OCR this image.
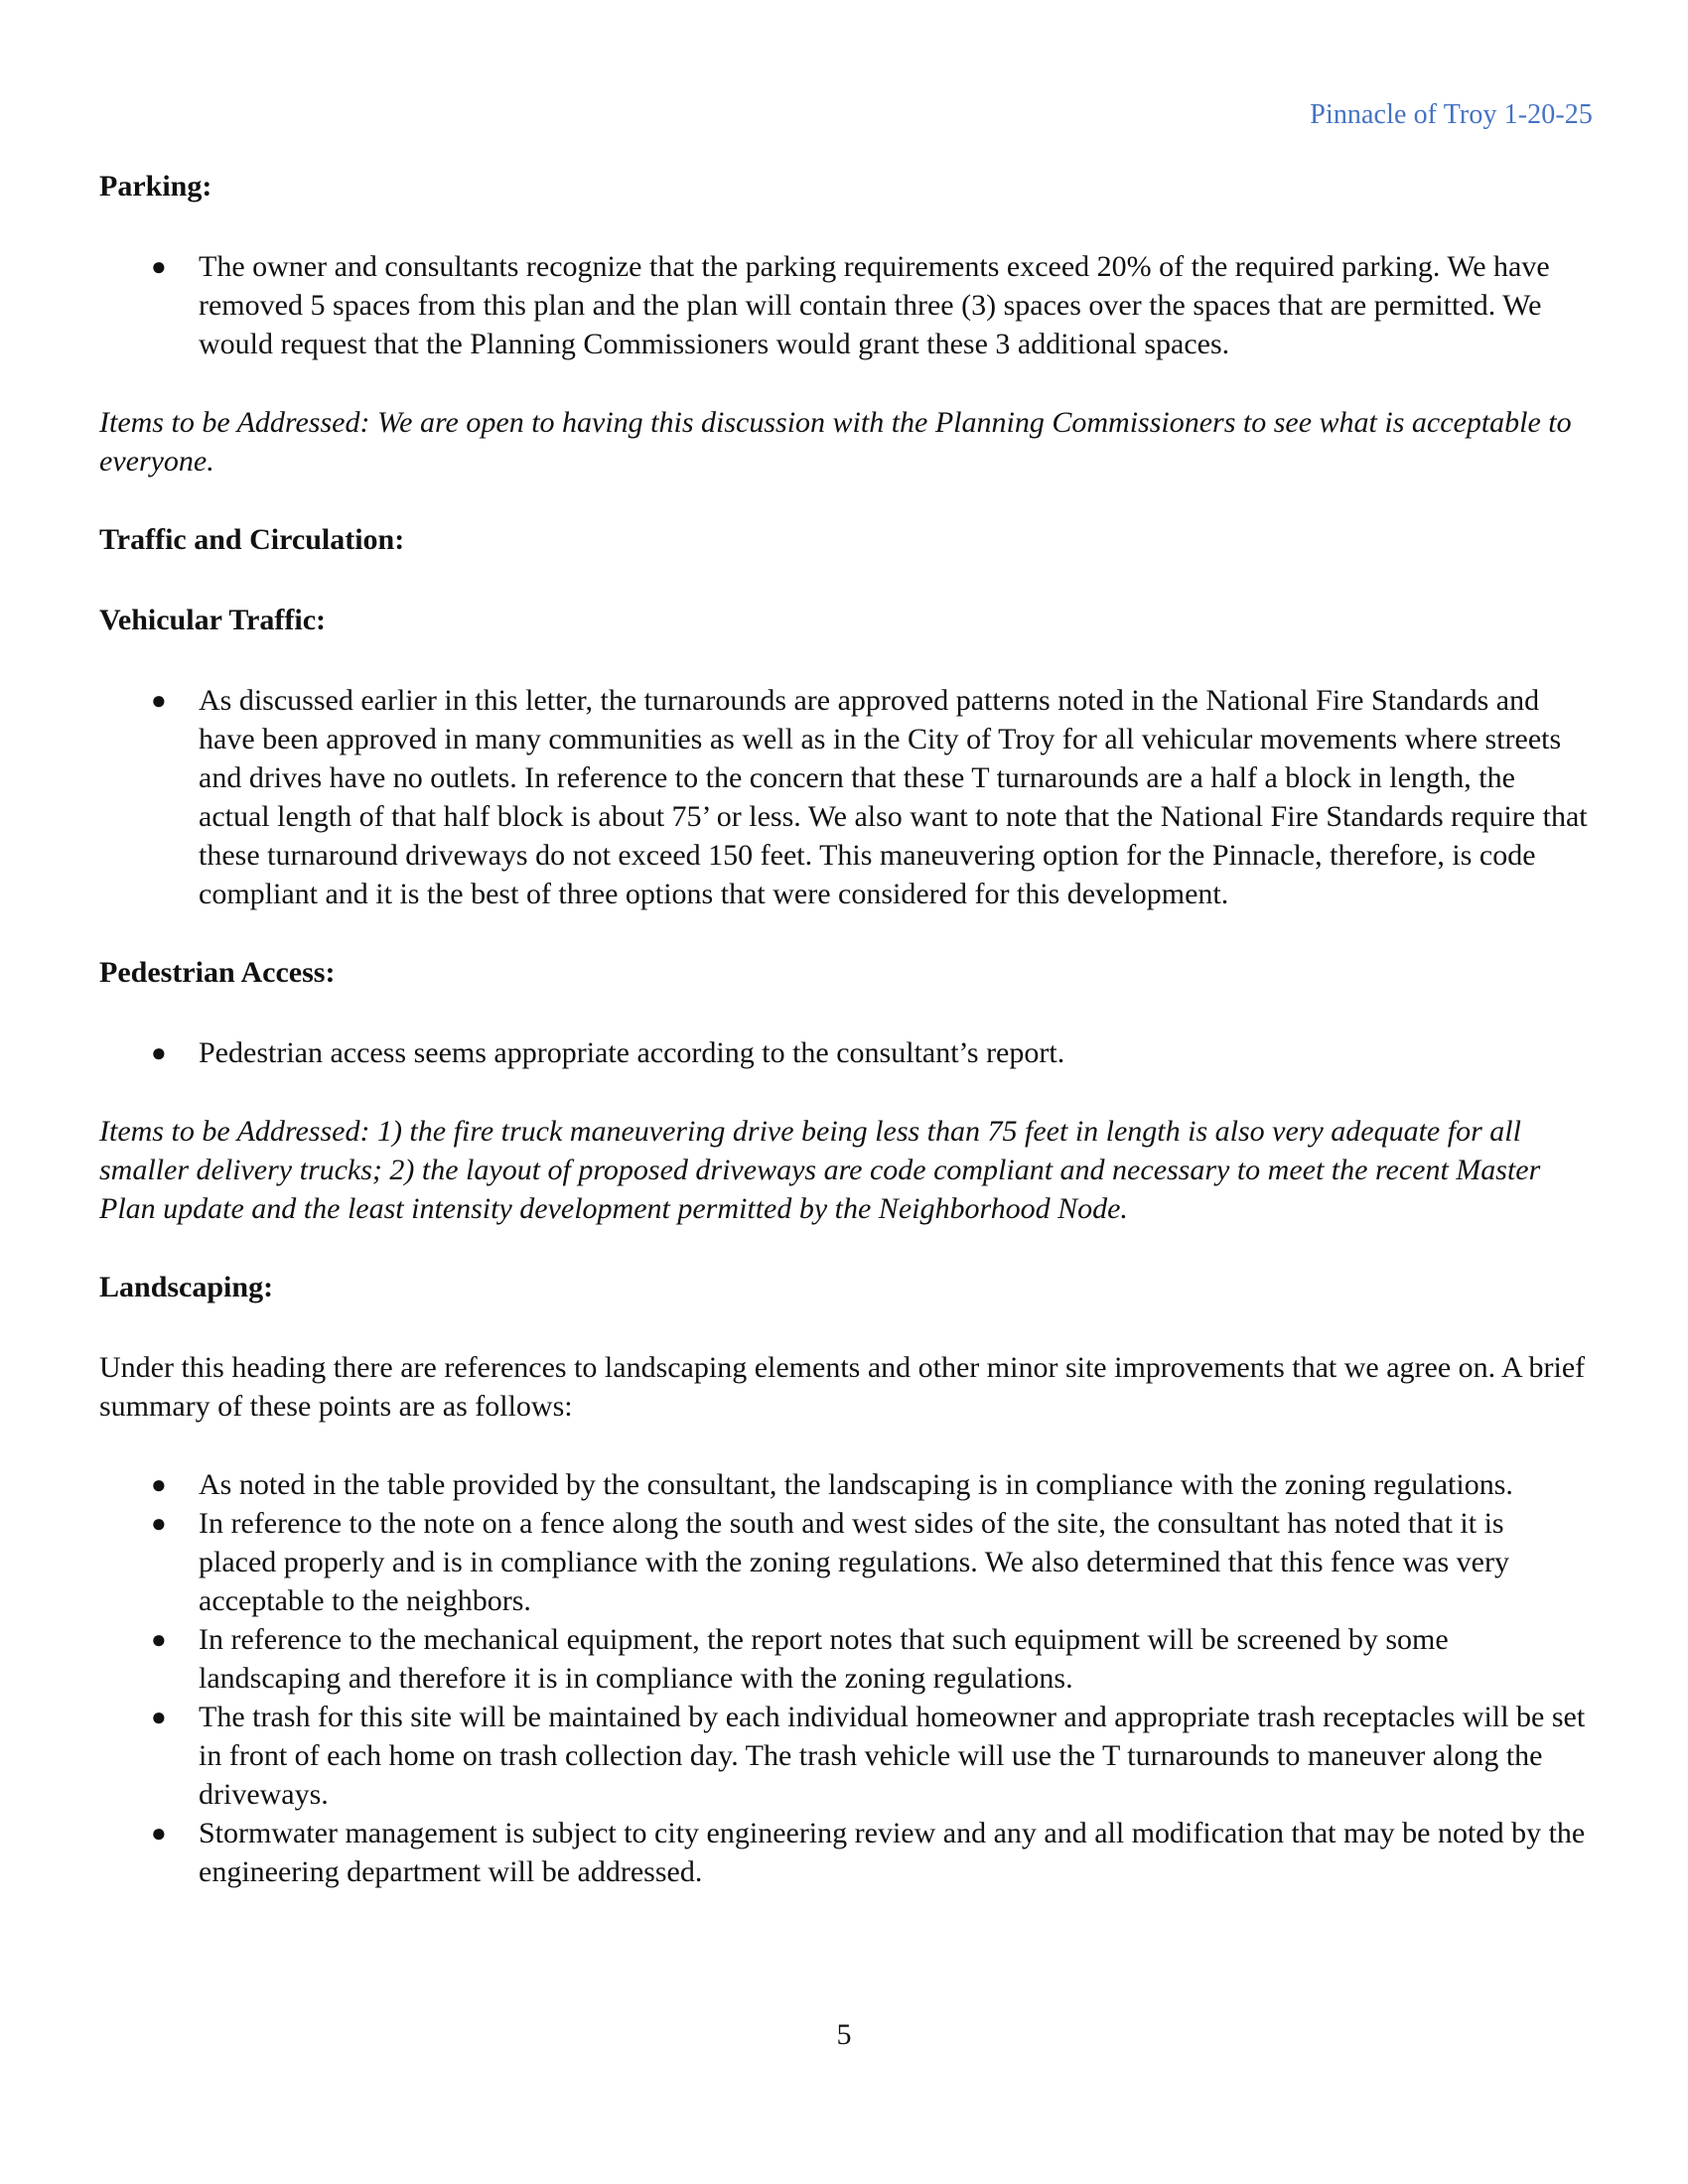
Pinnacle of Troy 1-20-25

Parking:

● The owner and consultants recognize that the parking requirements exceed 20% of the required parking. We have removed 5 spaces from this plan and the plan will contain three (3) spaces over the spaces that are permitted. We would request that the Planning Commissioners would grant these 3 additional spaces.

Items to be Addressed: We are open to having this discussion with the Planning Commissioners to see what is acceptable to everyone.

Traffic and Circulation:

Vehicular Traffic:

● As discussed earlier in this letter, the turnarounds are approved patterns noted in the National Fire Standards and have been approved in many communities as well as in the City of Troy for all vehicular movements where streets and drives have no outlets. In reference to the concern that these T turnarounds are a half a block in length, the actual length of that half block is about 75’ or less. We also want to note that the National Fire Standards require that these turnaround driveways do not exceed 150 feet. This maneuvering option for the Pinnacle, therefore, is code compliant and it is the best of three options that were considered for this development.

Pedestrian Access:

● Pedestrian access seems appropriate according to the consultant’s report.

Items to be Addressed: 1) the fire truck maneuvering drive being less than 75 feet in length is also very adequate for all smaller delivery trucks; 2) the layout of proposed driveways are code compliant and necessary to meet the recent Master Plan update and the least intensity development permitted by the Neighborhood Node.

Landscaping:

Under this heading there are references to landscaping elements and other minor site improvements that we agree on. A brief summary of these points are as follows:

● As noted in the table provided by the consultant, the landscaping is in compliance with the zoning regulations.
● In reference to the note on a fence along the south and west sides of the site, the consultant has noted that it is placed properly and is in compliance with the zoning regulations. We also determined that this fence was very acceptable to the neighbors.
● In reference to the mechanical equipment, the report notes that such equipment will be screened by some landscaping and therefore it is in compliance with the zoning regulations.
● The trash for this site will be maintained by each individual homeowner and appropriate trash receptacles will be set in front of each home on trash collection day. The trash vehicle will use the T turnarounds to maneuver along the driveways.
● Stormwater management is subject to city engineering review and any and all modification that may be noted by the engineering department will be addressed.
5
